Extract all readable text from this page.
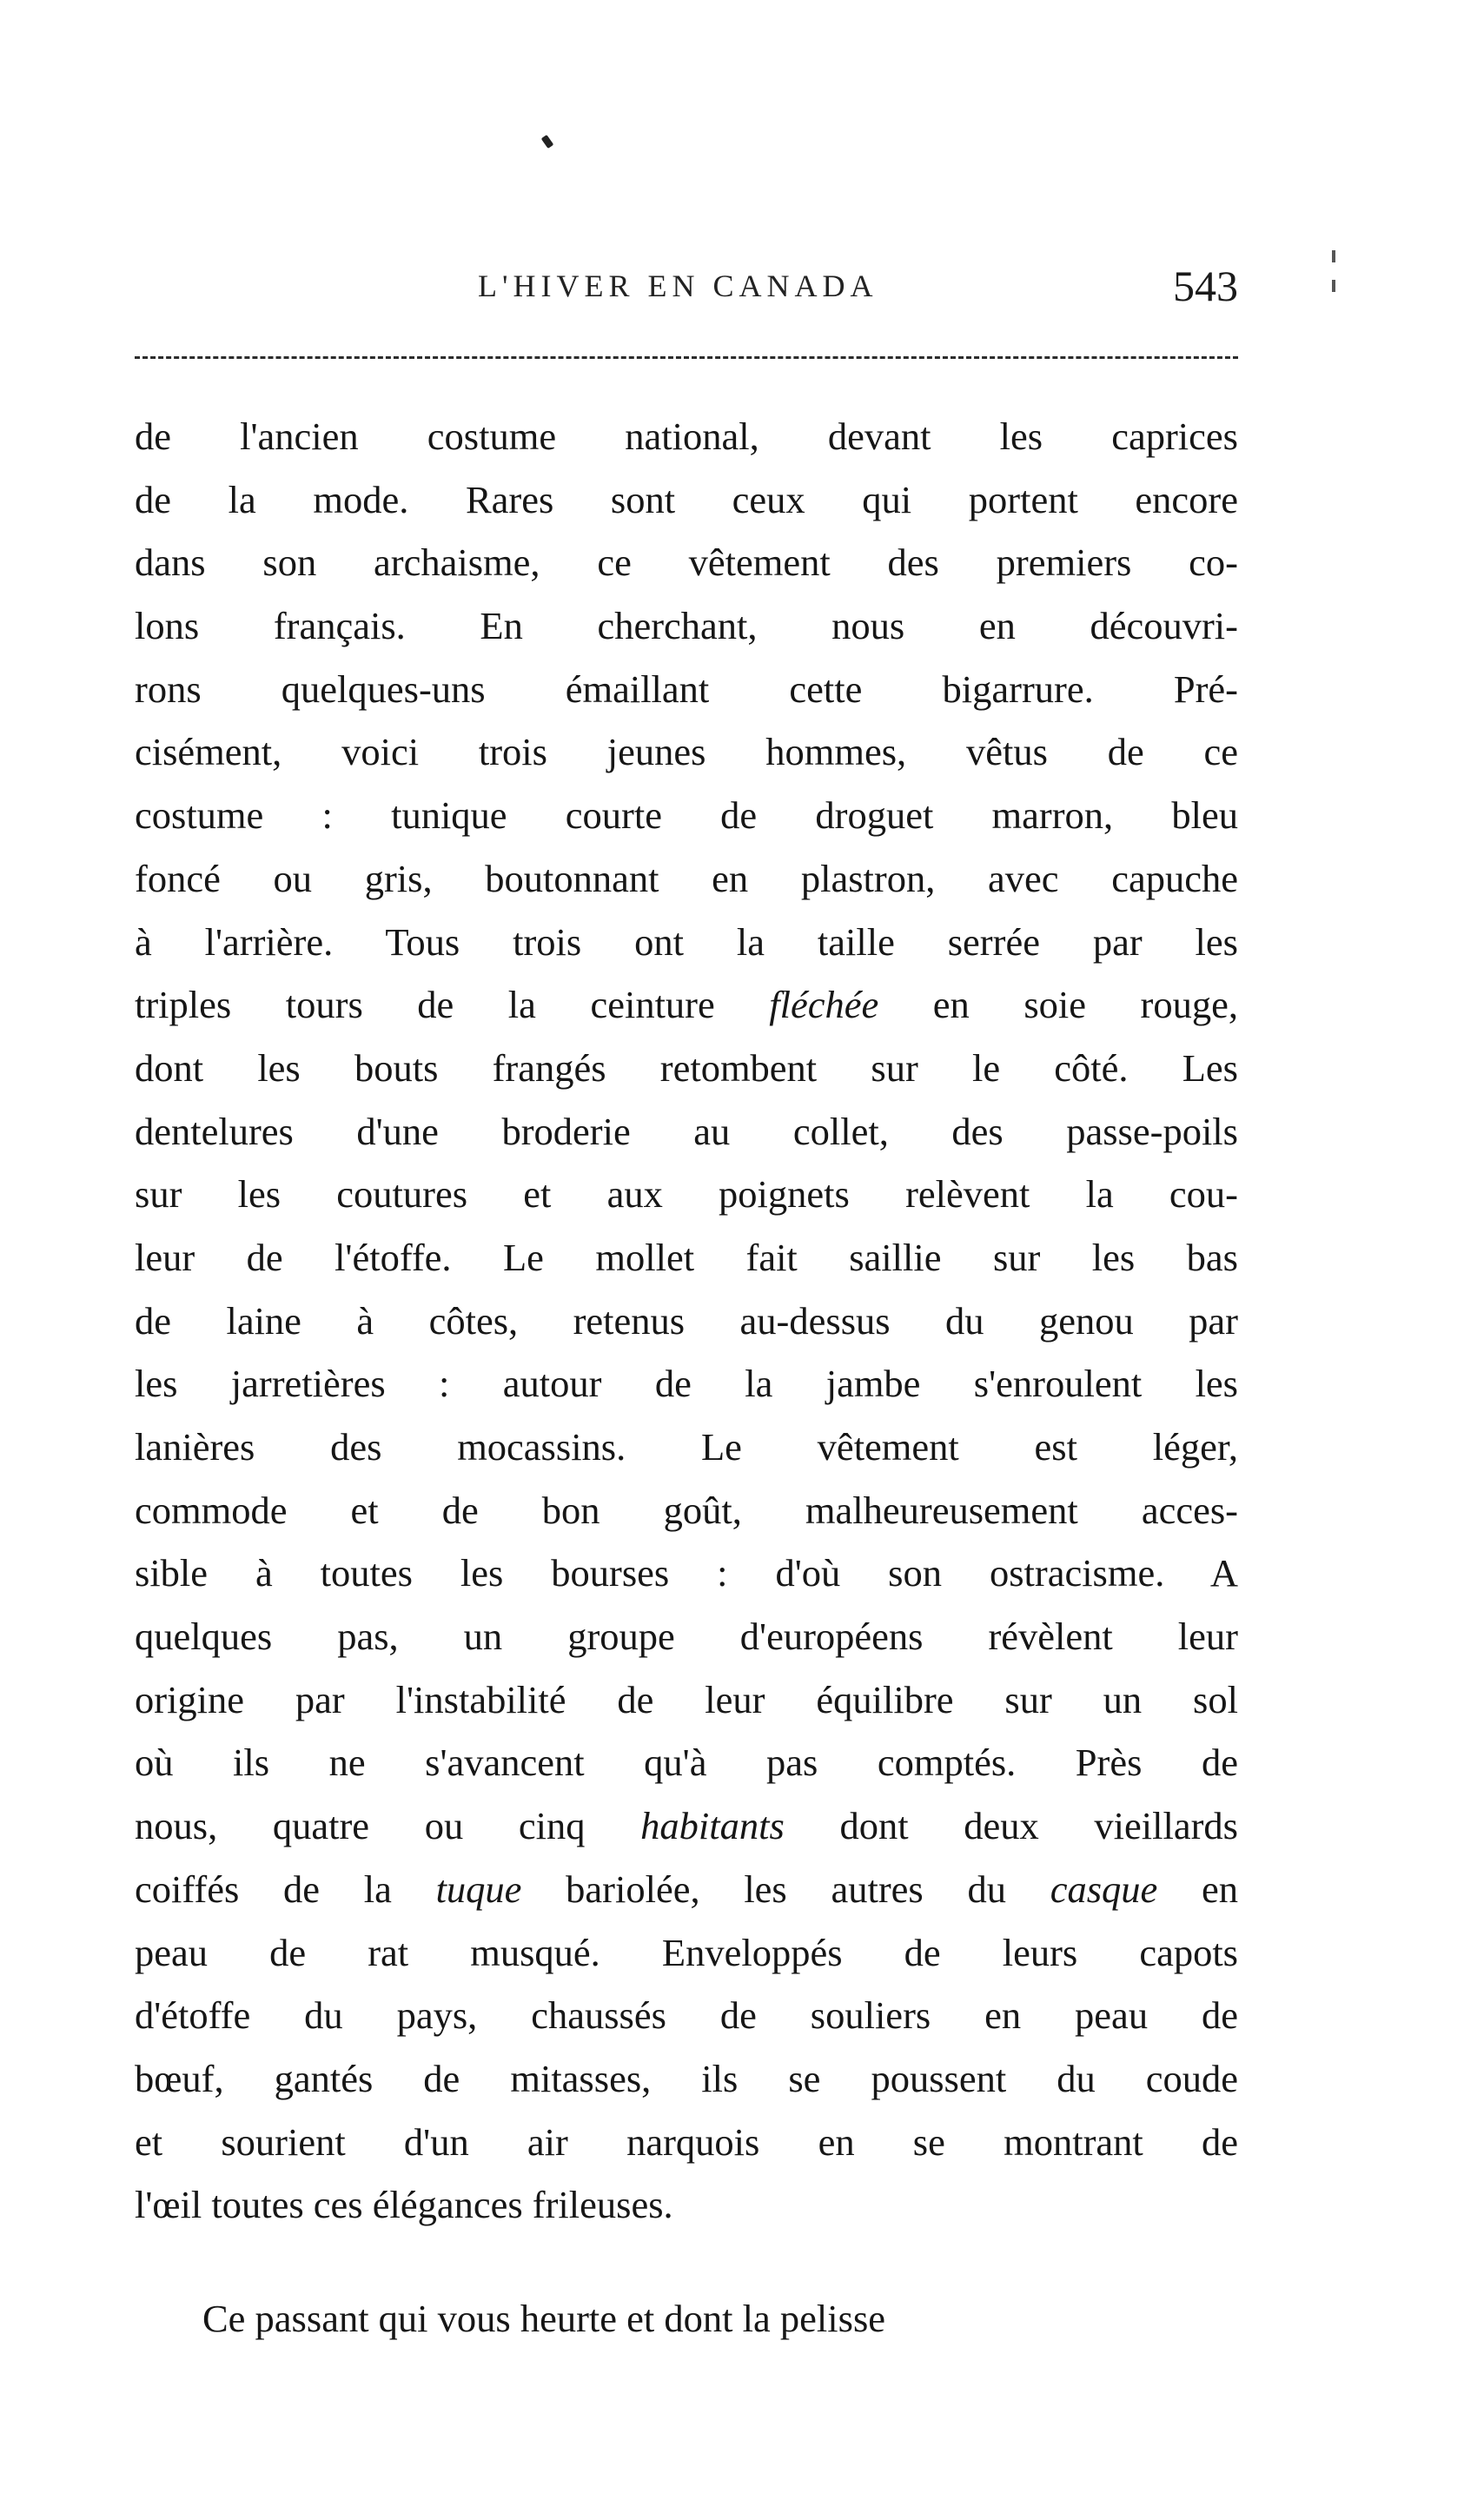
L'HIVER EN CANADA	543
de l'ancien costume national, devant les caprices
de la mode. Rares sont ceux qui portent encore
dans son archaisme, ce vêtement des premiers co-
lons français. En cherchant, nous en découvri-
rons quelques-uns émaillant cette bigarrure. Pré-
cisément, voici trois jeunes hommes, vêtus de ce
costume : tunique courte de droguet marron, bleu
foncé ou gris, boutonnant en plastron, avec capuche
à l'arrière. Tous trois ont la taille serrée par les
triples tours de la ceinture fléchée en soie rouge,
dont les bouts frangés retombent sur le côté. Les
dentelures d'une broderie au collet, des passe-poils
sur les coutures et aux poignets relèvent la cou-
leur de l'étoffe. Le mollet fait saillie sur les bas
de laine à côtes, retenus au-dessus du genou par
les jarretières : autour de la jambe s'enroulent les
lanières des mocassins. Le vêtement est léger,
commode et de bon goût, malheureusement acces-
sible à toutes les bourses : d'où son ostracisme. A
quelques pas, un groupe d'européens révèlent leur
origine par l'instabilité de leur équilibre sur un sol
où ils ne s'avancent qu'à pas comptés. Près de
nous, quatre ou cinq habitants dont deux vieillards
coiffés de la tuque bariolée, les autres du casque en
peau de rat musqué. Enveloppés de leurs capots
d'étoffe du pays, chaussés de souliers en peau de
bœuf, gantés de mitasses, ils se poussent du coude
et sourient d'un air narquois en se montrant de
l'œil toutes ces élégances frileuses.
Ce passant qui vous heurte et dont la pelisse
